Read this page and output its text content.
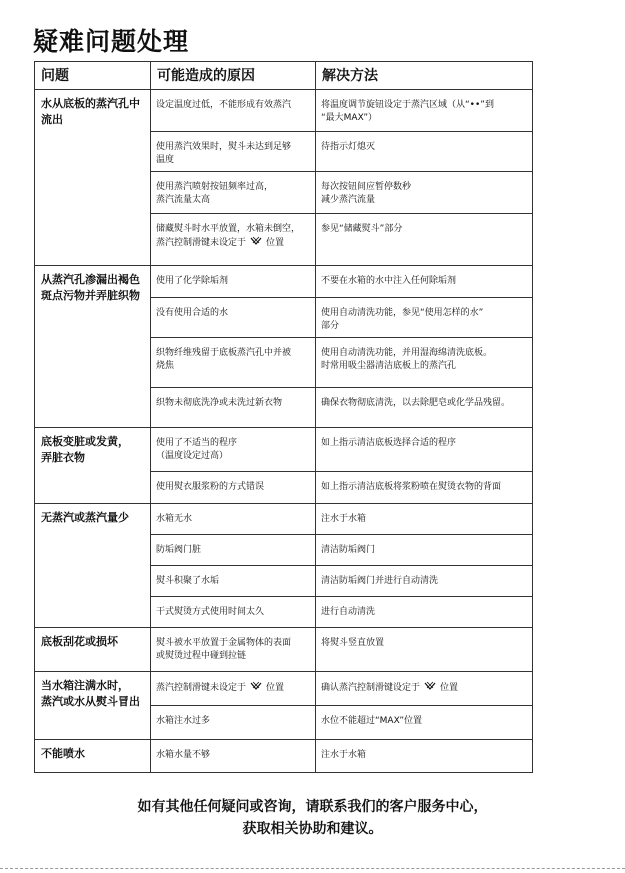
疑难问题处理
问题	可能造成的原因	解决方法
水从底板的蒸汽孔中
流出	设定温度过低，不能形成有效蒸汽	将温度调节旋钮设定于蒸汽区域（从“••”到
“最大MAX”）
	使用蒸汽效果时，熨斗未达到足够
温度	待指示灯熄灭
	使用蒸汽喷射按钮频率过高，
蒸汽流量太高	每次按钮间应暂停数秒
减少蒸汽流量
	储藏熨斗时水平放置，水箱未倒空，
蒸汽控制滑键未设定于 位置	参见“储藏熨斗”部分
从蒸汽孔渗漏出褐色
斑点污物并弄脏织物	使用了化学除垢剂	不要在水箱的水中注入任何除垢剂
	没有使用合适的水	使用自动清洗功能，参见“使用怎样的水”
部分
	织物纤维残留于底板蒸汽孔中并被
烧焦	使用自动清洗功能，并用湿海绵清洗底板。
时常用吸尘器清洁底板上的蒸汽孔
	织物未彻底洗净或未洗过新衣物	确保衣物彻底清洗，以去除肥皂或化学品残留。
底板变脏或发黄，
弄脏衣物	使用了不适当的程序
（温度设定过高）	如上指示清洁底板选择合适的程序
	使用熨衣服浆粉的方式错误	如上指示清洁底板将浆粉喷在熨烫衣物的背面
无蒸汽或蒸汽量少	水箱无水	注水于水箱
	防垢阀门脏	清洁防垢阀门
	熨斗积聚了水垢	清洁防垢阀门并进行自动清洗
	干式熨烫方式使用时间太久	进行自动清洗
底板刮花或损坏	熨斗被水平放置于金属物体的表面
或熨烫过程中碰到拉链	将熨斗竖直放置
当水箱注满水时，
蒸汽或水从熨斗冒出	蒸汽控制滑键未设定于 位置	确认蒸汽控制滑键设定于 位置
	水箱注水过多	水位不能超过“MAX”位置
不能喷水	水箱水量不够	注水于水箱
如有其他任何疑问或咨询，请联系我们的客户服务中心，
获取相关协助和建议。
